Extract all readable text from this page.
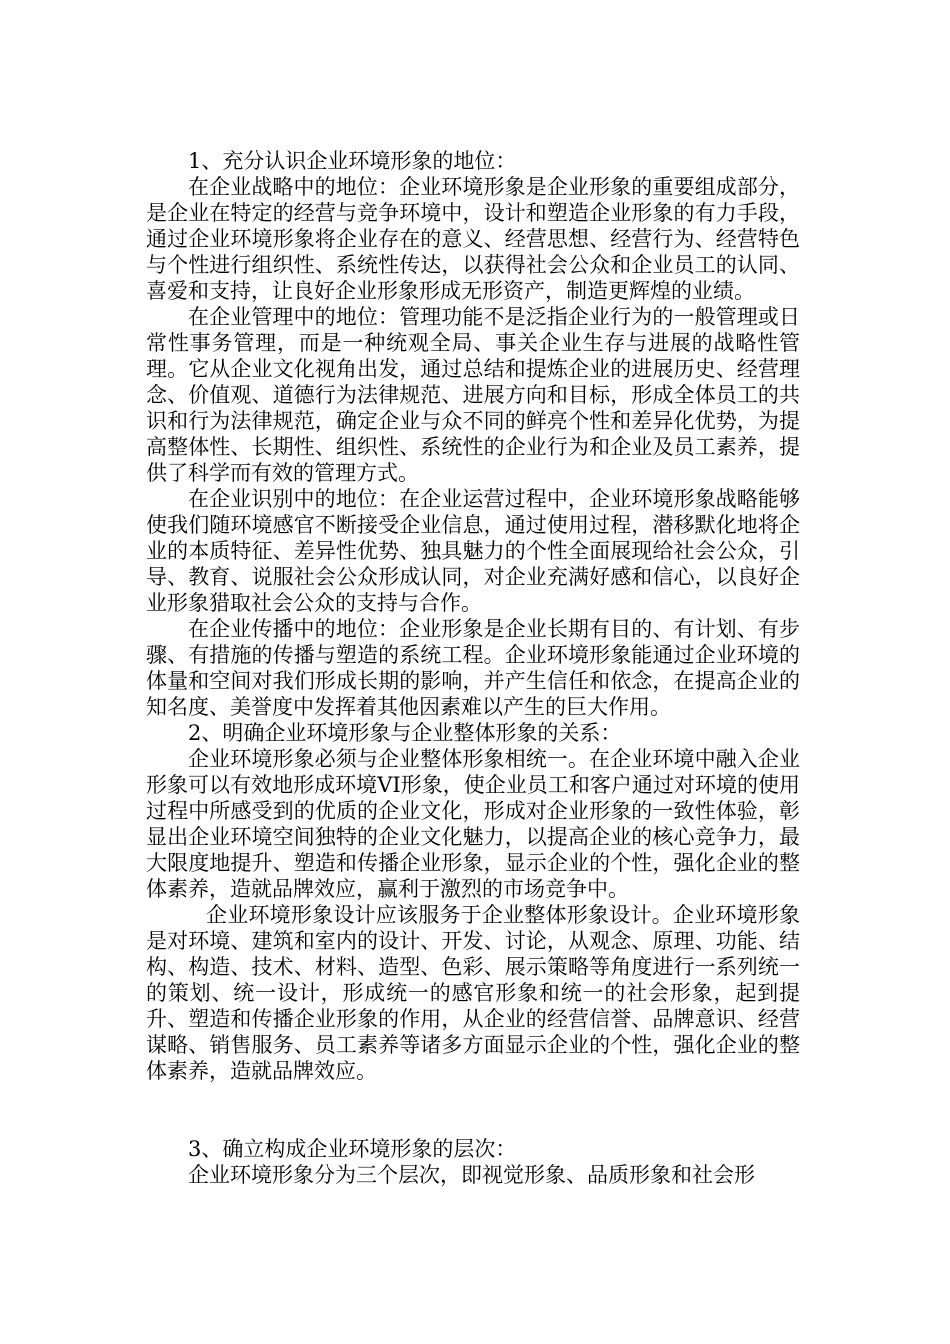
1、充分认识企业环境形象的地位：

在企业战略中的地位：企业环境形象是企业形象的重要组成部分，是企业在特定的经营与竞争环境中，设计和塑造企业形象的有力手段，通过企业环境形象将企业存在的意义、经营思想、经营行为、经营特色与个性进行组织性、系统性传达，以获得社会公众和企业员工的认同、喜爱和支持，让良好企业形象形成无形资产，制造更辉煌的业绩。

在企业管理中的地位：管理功能不是泛指企业行为的一般管理或日常性事务管理，而是一种统观全局、事关企业生存与进展的战略性管理。它从企业文化视角出发，通过总结和提炼企业的进展历史、经营理念、价值观、道德行为法律规范、进展方向和目标，形成全体员工的共识和行为法律规范，确定企业与众不同的鲜亮个性和差异化优势，为提高整体性、长期性、组织性、系统性的企业行为和企业及员工素养，提供了科学而有效的管理方式。

在企业识别中的地位：在企业运营过程中，企业环境形象战略能够使我们随环境感官不断接受企业信息，通过使用过程，潜移默化地将企业的本质特征、差异性优势、独具魅力的个性全面展现给社会公众，引导、教育、说服社会公众形成认同，对企业充满好感和信心，以良好企业形象猎取社会公众的支持与合作。

在企业传播中的地位：企业形象是企业长期有目的、有计划、有步骤、有措施的传播与塑造的系统工程。企业环境形象能通过企业环境的体量和空间对我们形成长期的影响，并产生信任和依念，在提高企业的知名度、美誉度中发挥着其他因素难以产生的巨大作用。

2、明确企业环境形象与企业整体形象的关系：

企业环境形象必须与企业整体形象相统一。在企业环境中融入企业形象可以有效地形成环境VI形象，使企业员工和客户通过对环境的使用过程中所感受到的优质的企业文化，形成对企业形象的一致性体验，彰显出企业环境空间独特的企业文化魅力，以提高企业的核心竞争力，最大限度地提升、塑造和传播企业形象，显示企业的个性，强化企业的整体素养，造就品牌效应，赢利于激烈的市场竞争中。

企业环境形象设计应该服务于企业整体形象设计。企业环境形象是对环境、建筑和室内的设计、开发、讨论，从观念、原理、功能、结构、构造、技术、材料、造型、色彩、展示策略等角度进行一系列统一的策划、统一设计，形成统一的感官形象和统一的社会形象，起到提升、塑造和传播企业形象的作用，从企业的经营信誉、品牌意识、经营谋略、销售服务、员工素养等诸多方面显示企业的个性，强化企业的整体素养，造就品牌效应。

3、确立构成企业环境形象的层次：

企业环境形象分为三个层次，即视觉形象、品质形象和社会形
